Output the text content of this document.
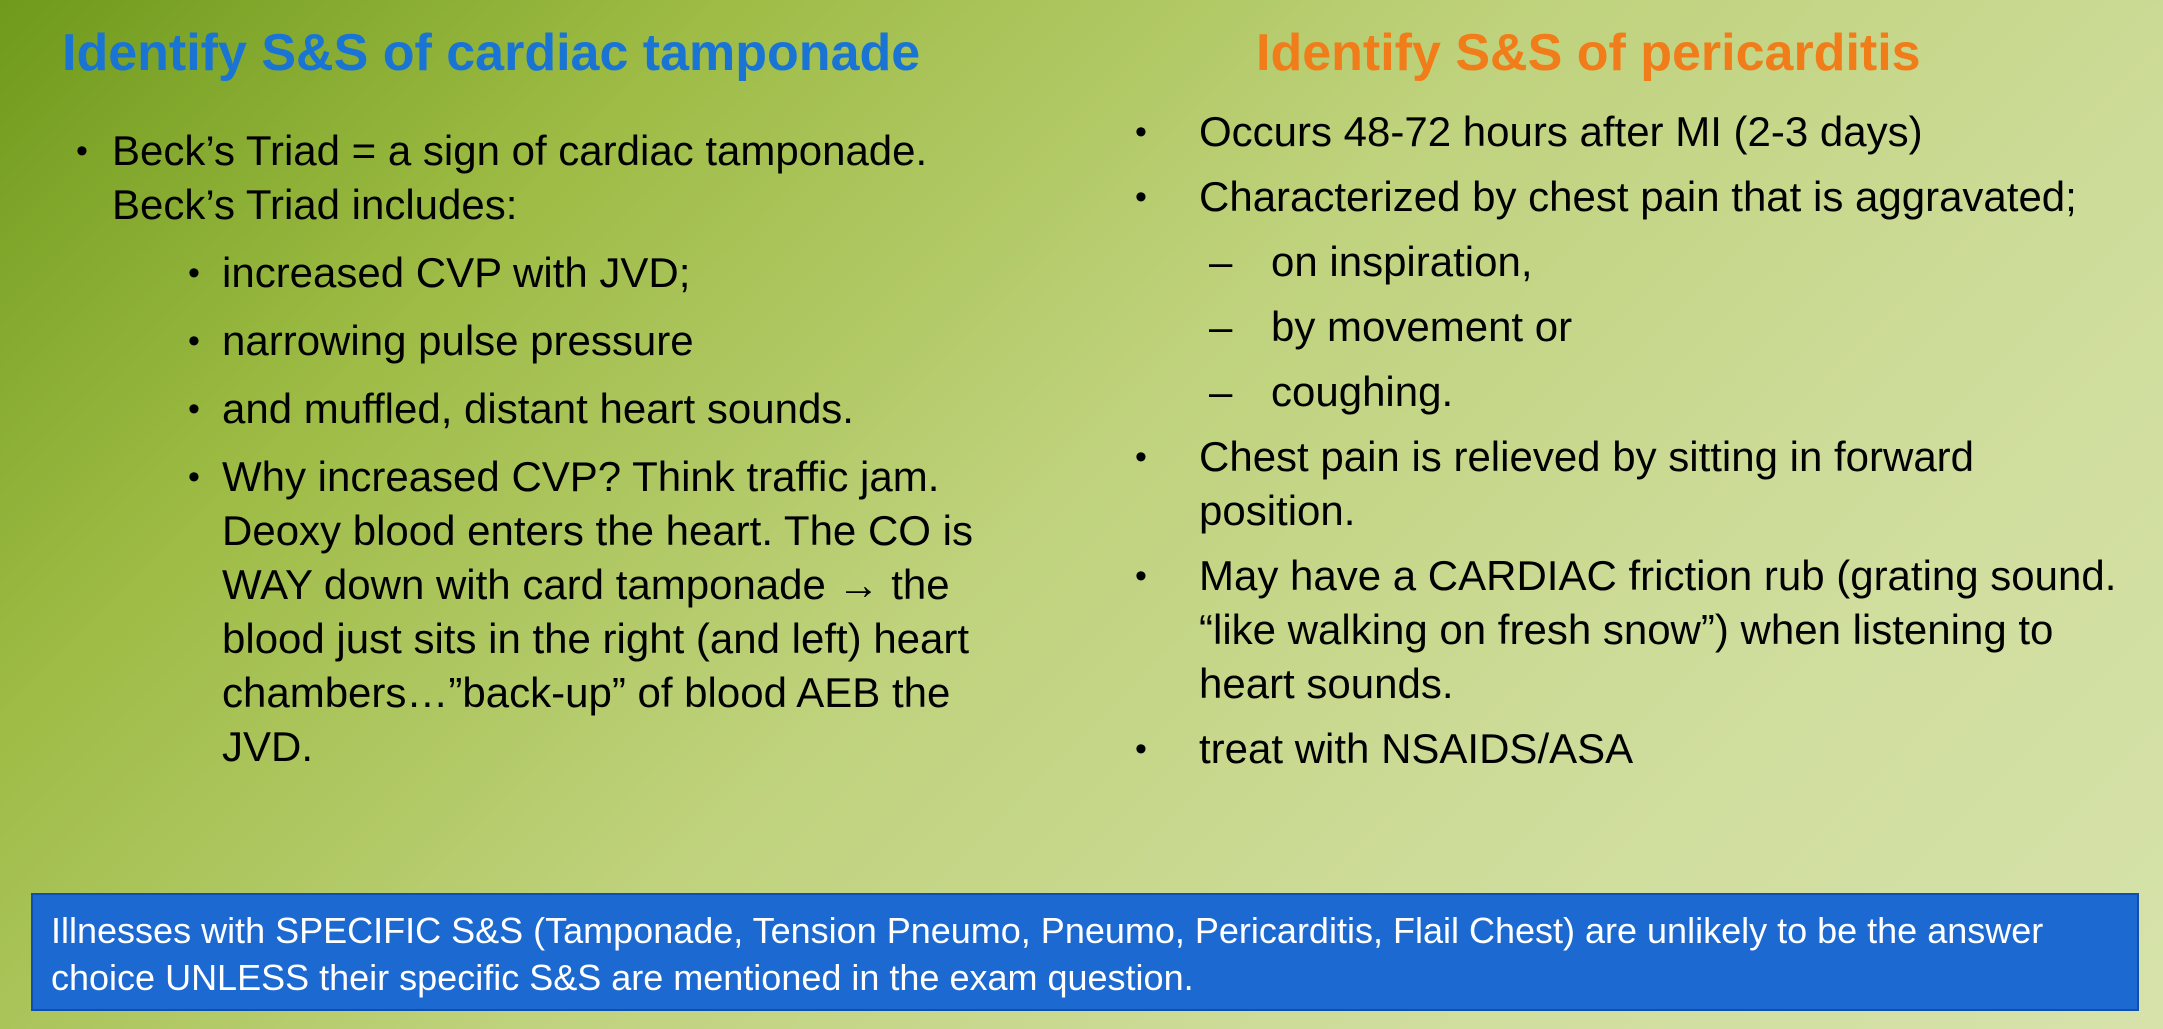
Identify S&S of cardiac tamponade	Identify S&S of pericarditis
• Beck’s Triad = a sign of cardiac tamponade. Beck’s Triad includes:
• increased CVP with JVD;
• narrowing pulse pressure
• and muffled, distant heart sounds.
• Why increased CVP? Think traffic jam. Deoxy blood enters the heart. The CO is WAY down with card tamponade → the blood just sits in the right (and left) heart chambers…”back-up” of blood AEB the JVD.
• Occurs 48-72 hours after MI (2-3 days)
• Characterized by chest pain that is aggravated;
– on inspiration,
– by movement or
– coughing.
• Chest pain is relieved by sitting in forward position.
• May have a CARDIAC friction rub (grating sound. “like walking on fresh snow”) when listening to heart sounds.
• treat with NSAIDS/ASA
Illnesses with SPECIFIC S&S (Tamponade, Tension Pneumo, Pneumo, Pericarditis, Flail Chest) are unlikely to be the answer choice UNLESS their specific S&S are mentioned in the exam question.
